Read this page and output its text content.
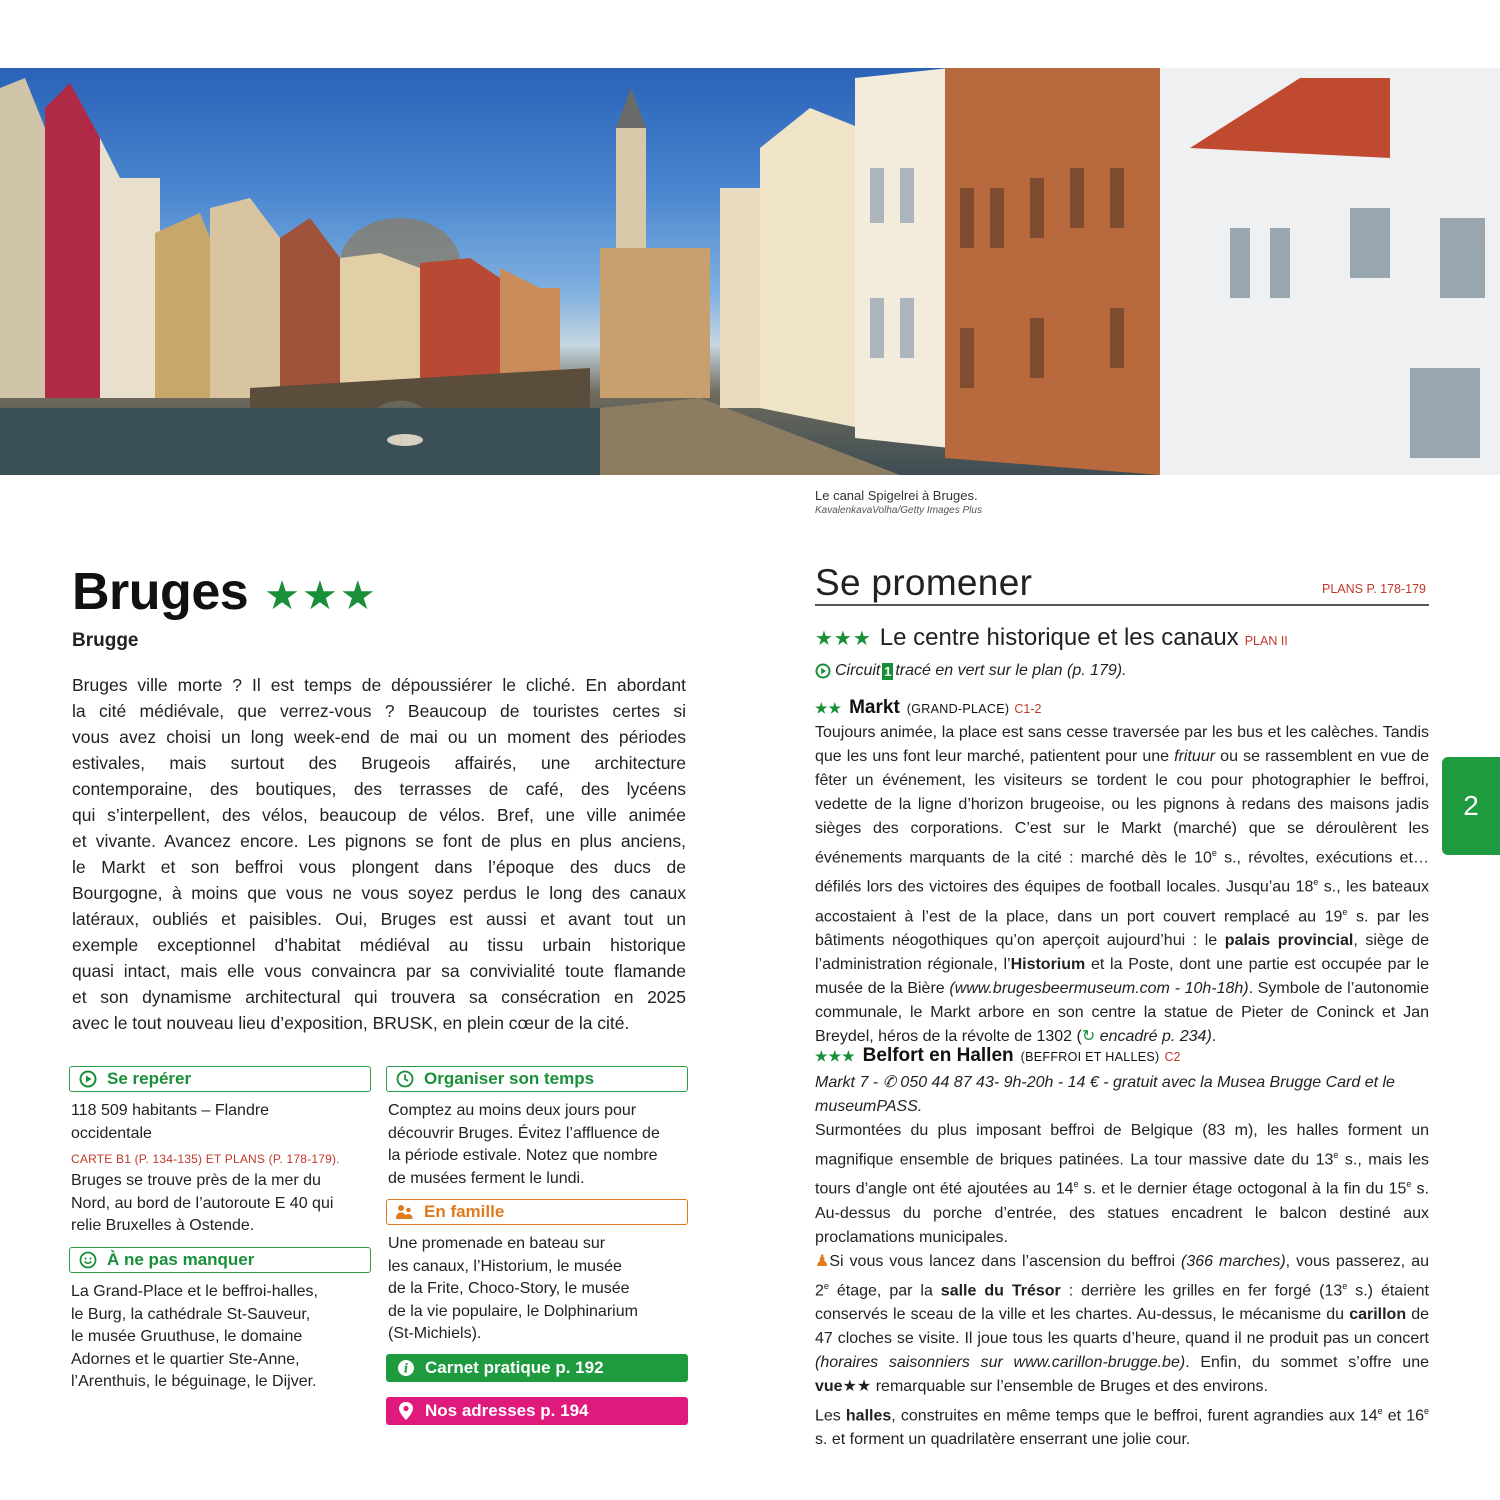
Le canal Spigelrei à Bruges.
KavalenkavaVolha/Getty Images Plus
Bruges ★★★
Brugge
Bruges ville morte ? Il est temps de dépoussiérer le cliché. En abordant
la cité médiévale, que verrez-vous ? Beaucoup de touristes certes si
vous avez choisi un long week-end de mai ou un moment des périodes
estivales, mais surtout des Brugeois affairés, une architecture
contemporaine, des boutiques, des terrasses de café, des lycéens
qui s’interpellent, des vélos, beaucoup de vélos. Bref, une ville animée
et vivante. Avancez encore. Les pignons se font de plus en plus anciens,
le Markt et son beffroi vous plongent dans l’époque des ducs de
Bourgogne, à moins que vous ne vous soyez perdus le long des canaux
latéraux, oubliés et paisibles. Oui, Bruges est aussi et avant tout un
exemple exceptionnel d’habitat médiéval au tissu urbain historique
quasi intact, mais elle vous convaincra par sa convivialité toute flamande
et son dynamisme architectural qui trouvera sa consécration en 2025
avec le tout nouveau lieu d’exposition, BRUSK, en plein cœur de la cité.
Se repérer
118 509 habitants – Flandre
occidentale
CARTE B1 (P. 134-135) ET PLANS (P. 178-179).
Bruges se trouve près de la mer du
Nord, au bord de l’autoroute E 40 qui
relie Bruxelles à Ostende.
À ne pas manquer
La Grand-Place et le beffroi-halles,
le Burg, la cathédrale St-Sauveur,
le musée Gruuthuse, le domaine
Adornes et le quartier Ste-Anne,
l’Arenthuis, le béguinage, le Dijver.
Organiser son temps
Comptez au moins deux jours pour
découvrir Bruges. Évitez l’affluence de
la période estivale. Notez que nombre
de musées ferment le lundi.
En famille
Une promenade en bateau sur
les canaux, l’Historium, le musée
de la Frite, Choco-Story, le musée
de la vie populaire, le Dolphinarium
(St-Michiels).
i Carnet pratique p. 192
Nos adresses p. 194
Se promener	PLANS P. 178-179
★★★ Le centre historique et les canaux PLAN II
Circuit 1 tracé en vert sur le plan (p. 179).
★★ Markt (GRAND-PLACE) C1-2
Toujours animée, la place est sans cesse traversée par les bus et les calèches. Tandis que les uns font leur marché, patientent pour une frituur ou se rassemblent en vue de fêter un événement, les visiteurs se tordent le cou pour photographier le beffroi, vedette de la ligne d’horizon brugeoise, ou les pignons à redans des maisons jadis sièges des corporations. C’est sur le Markt (marché) que se déroulèrent les événements marquants de la cité : marché dès le 10e s., révoltes, exécutions et… défilés lors des victoires des équipes de football locales. Jusqu’au 18e s., les bateaux accostaient à l’est de la place, dans un port couvert remplacé au 19e s. par les bâtiments néogothiques qu’on aperçoit aujourd’hui : le palais provincial, siège de l’administration régionale, l’Historium et la Poste, dont une partie est occupée par le musée de la Bière (www.brugesbeermuseum.com - 10h-18h). Symbole de l’autonomie communale, le Markt arbore en son centre la statue de Pieter de Coninck et Jan Breydel, héros de la révolte de 1302 (↻ encadré p. 234).
★★★ Belfort en Hallen (BEFFROI ET HALLES) C2
Markt 7 - ✆ 050 44 87 43- 9h-20h - 14 € - gratuit avec la Musea Brugge Card et le
museumPASS.
Surmontées du plus imposant beffroi de Belgique (83 m), les halles forment un magnifique ensemble de briques patinées. La tour massive date du 13e s., mais les tours d’angle ont été ajoutées au 14e s. et le dernier étage octogonal à la fin du 15e s. Au-dessus du porche d’entrée, des statues encadrent le balcon destiné aux proclamations municipales.
♟Si vous vous lancez dans l’ascension du beffroi (366 marches), vous passerez, au 2e étage, par la salle du Trésor : derrière les grilles en fer forgé (13e s.) étaient conservés le sceau de la ville et les chartes. Au-dessus, le mécanisme du carillon de 47 cloches se visite. Il joue tous les quarts d’heure, quand il ne produit pas un concert (horaires saisonniers sur www.carillon-brugge.be). Enfin, du sommet s’offre une vue★★ remarquable sur l’ensemble de Bruges et des environs.
Les halles, construites en même temps que le beffroi, furent agrandies aux 14e et 16e s. et forment un quadrilatère enserrant une jolie cour.
2
